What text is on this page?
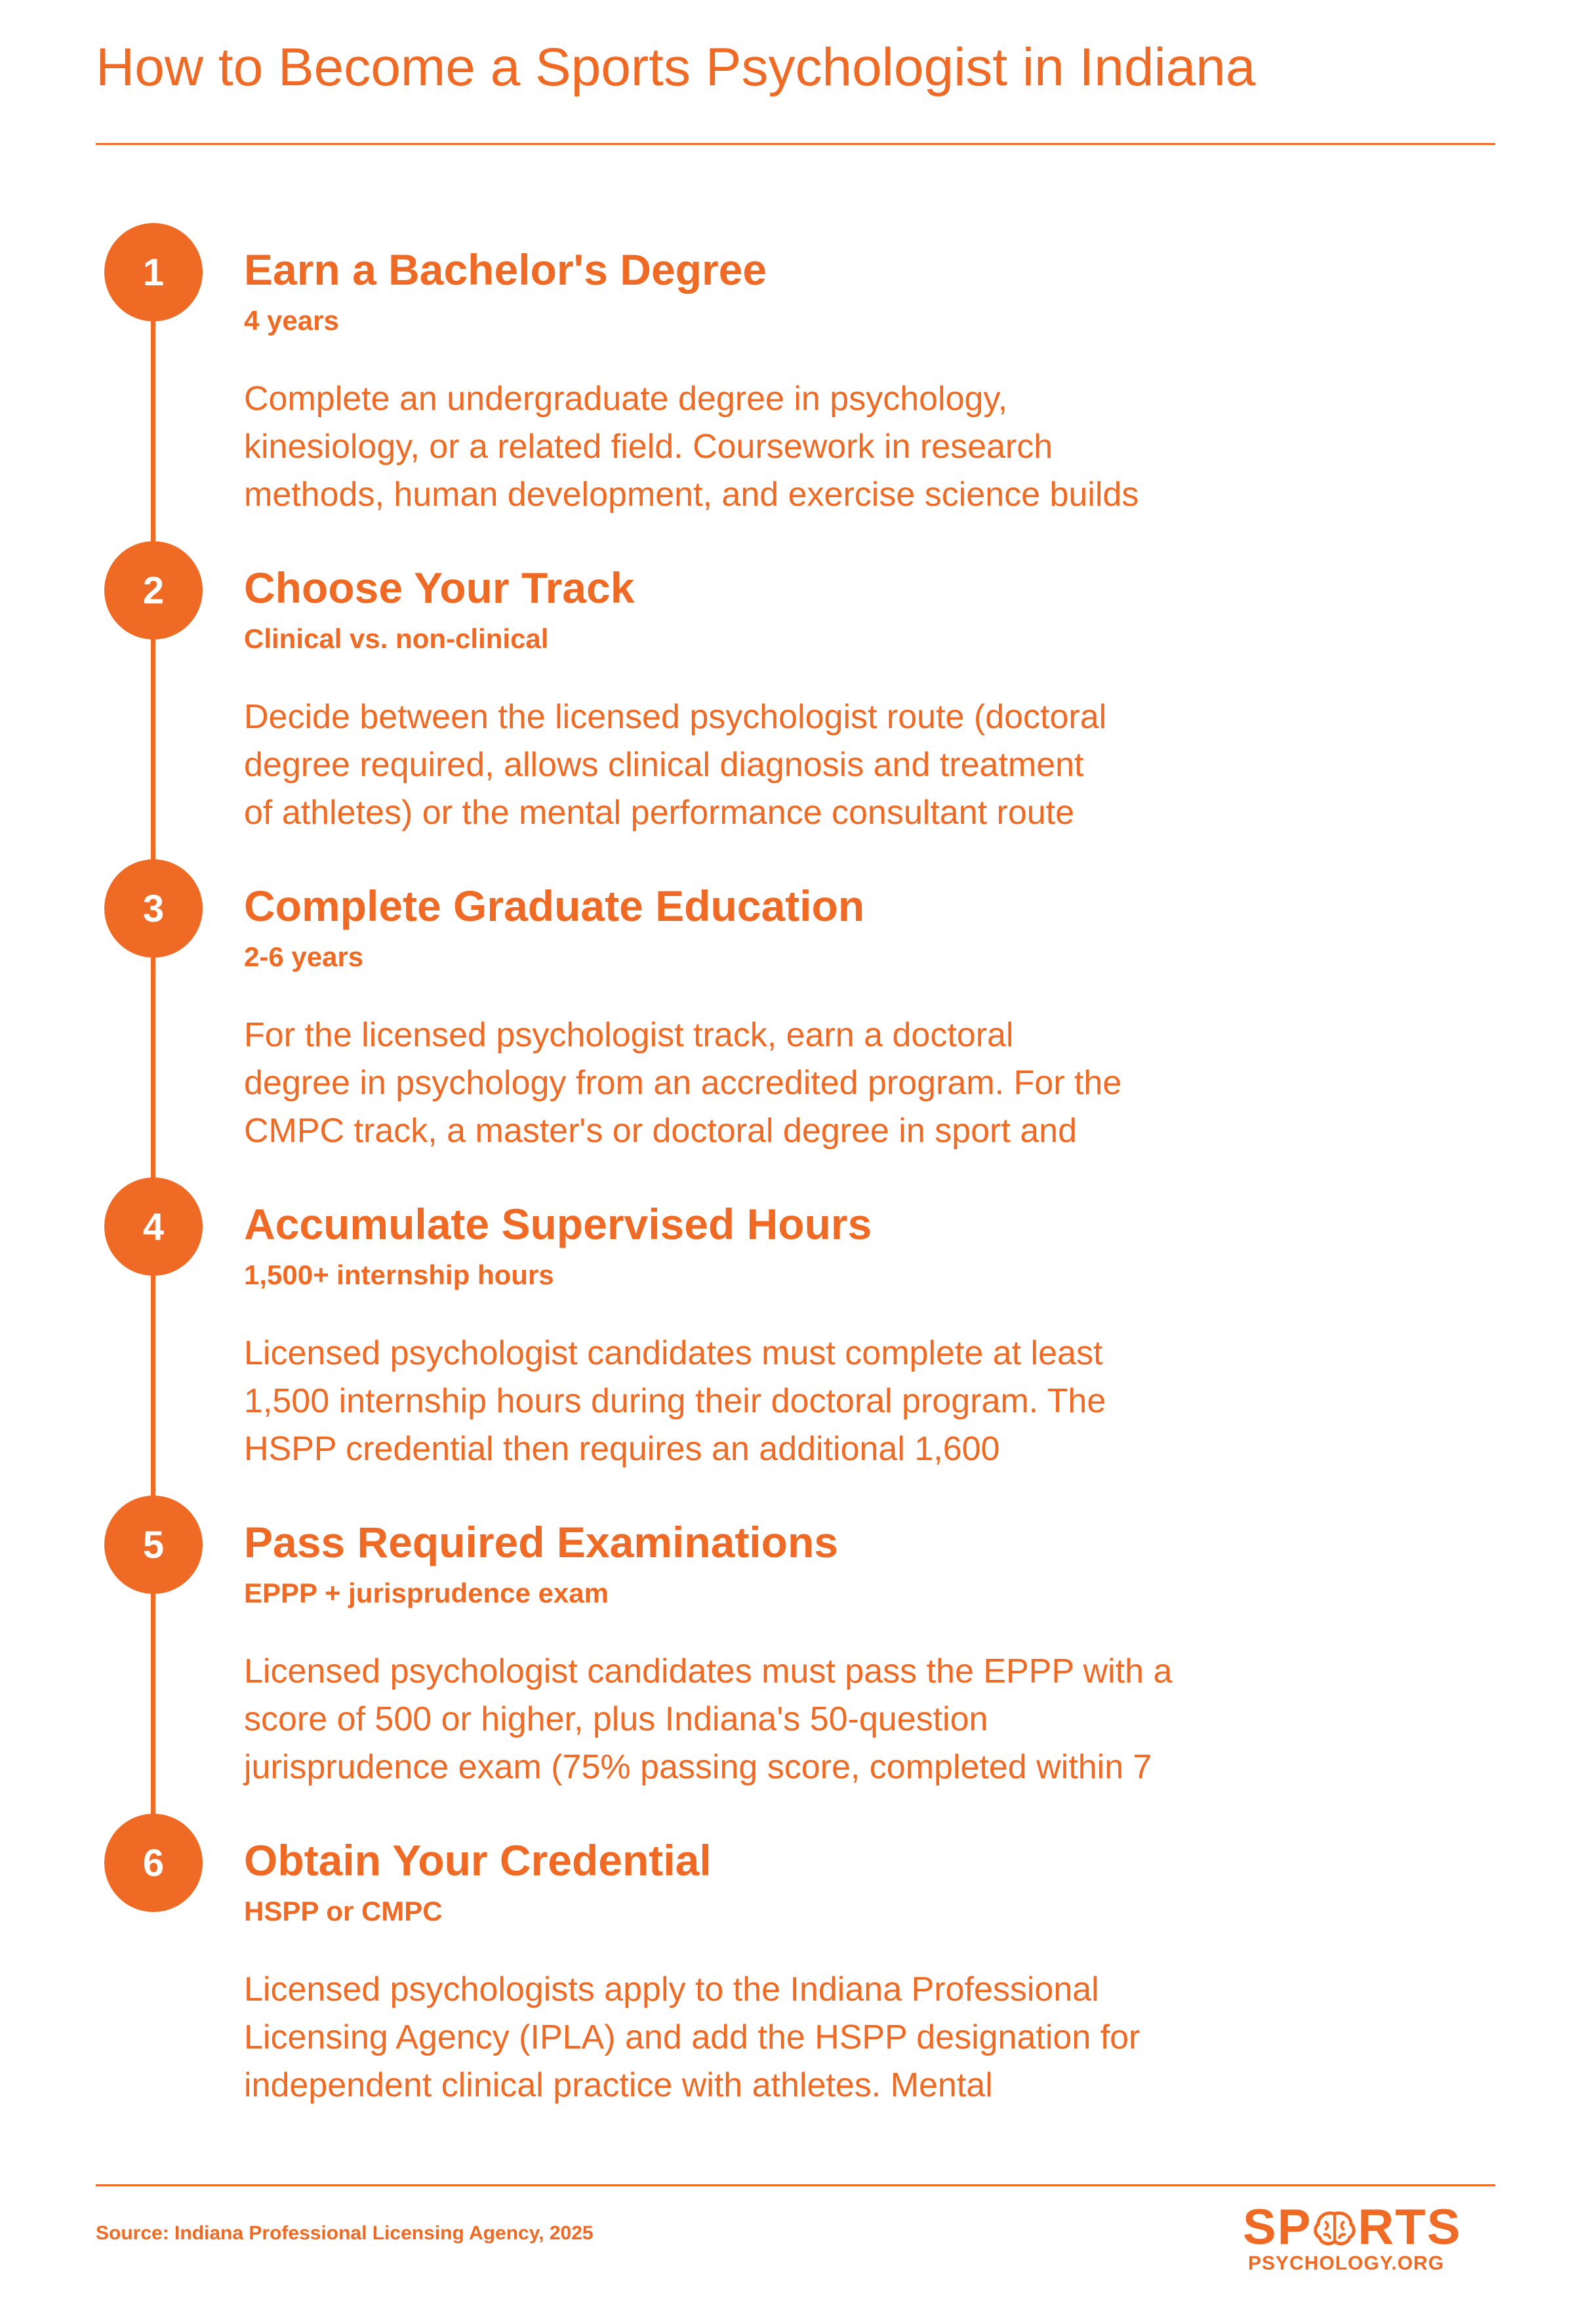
How to Become a Sports Psychologist in Indiana
1	Earn a Bachelor's Degree
4 years
Complete an undergraduate degree in psychology,
kinesiology, or a related field. Coursework in research
methods, human development, and exercise science builds
2	Choose Your Track
Clinical vs. non-clinical
Decide between the licensed psychologist route (doctoral
degree required, allows clinical diagnosis and treatment
of athletes) or the mental performance consultant route
3	Complete Graduate Education
2-6 years
For the licensed psychologist track, earn a doctoral
degree in psychology from an accredited program. For the
CMPC track, a master's or doctoral degree in sport and
4	Accumulate Supervised Hours
1,500+ internship hours
Licensed psychologist candidates must complete at least
1,500 internship hours during their doctoral program. The
HSPP credential then requires an additional 1,600
5	Pass Required Examinations
EPPP + jurisprudence exam
Licensed psychologist candidates must pass the EPPP with a
score of 500 or higher, plus Indiana's 50-question
jurisprudence exam (75% passing score, completed within 7
6	Obtain Your Credential
HSPP or CMPC
Licensed psychologists apply to the Indiana Professional
Licensing Agency (IPLA) and add the HSPP designation for
independent clinical practice with athletes. Mental
Source: Indiana Professional Licensing Agency, 2025	SP RTS
PSYCHOLOGY.ORG
